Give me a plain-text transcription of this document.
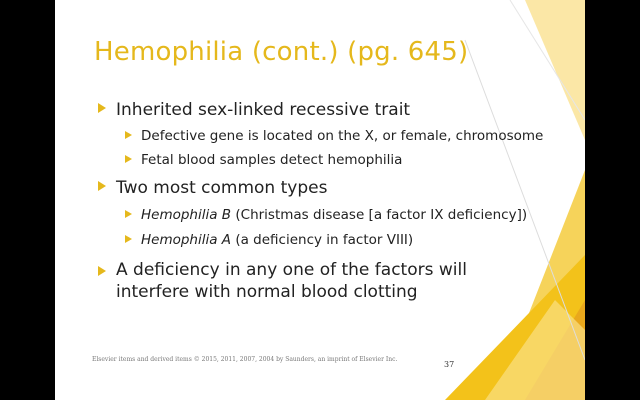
Hemophilia (cont.) (pg. 645)
Inherited sex-linked recessive trait
Defective gene is located on the X, or female, chromosome
Fetal blood samples detect hemophilia
Two most common types
Hemophilia B (Christmas disease [a factor IX deficiency])
Hemophilia A (a deficiency in factor VIII)
A deficiency in any one of the factors will interfere with normal blood clotting
Elsevier items and derived items © 2015, 2011, 2007, 2004 by Saunders, an imprint of Elsevier Inc.
37
